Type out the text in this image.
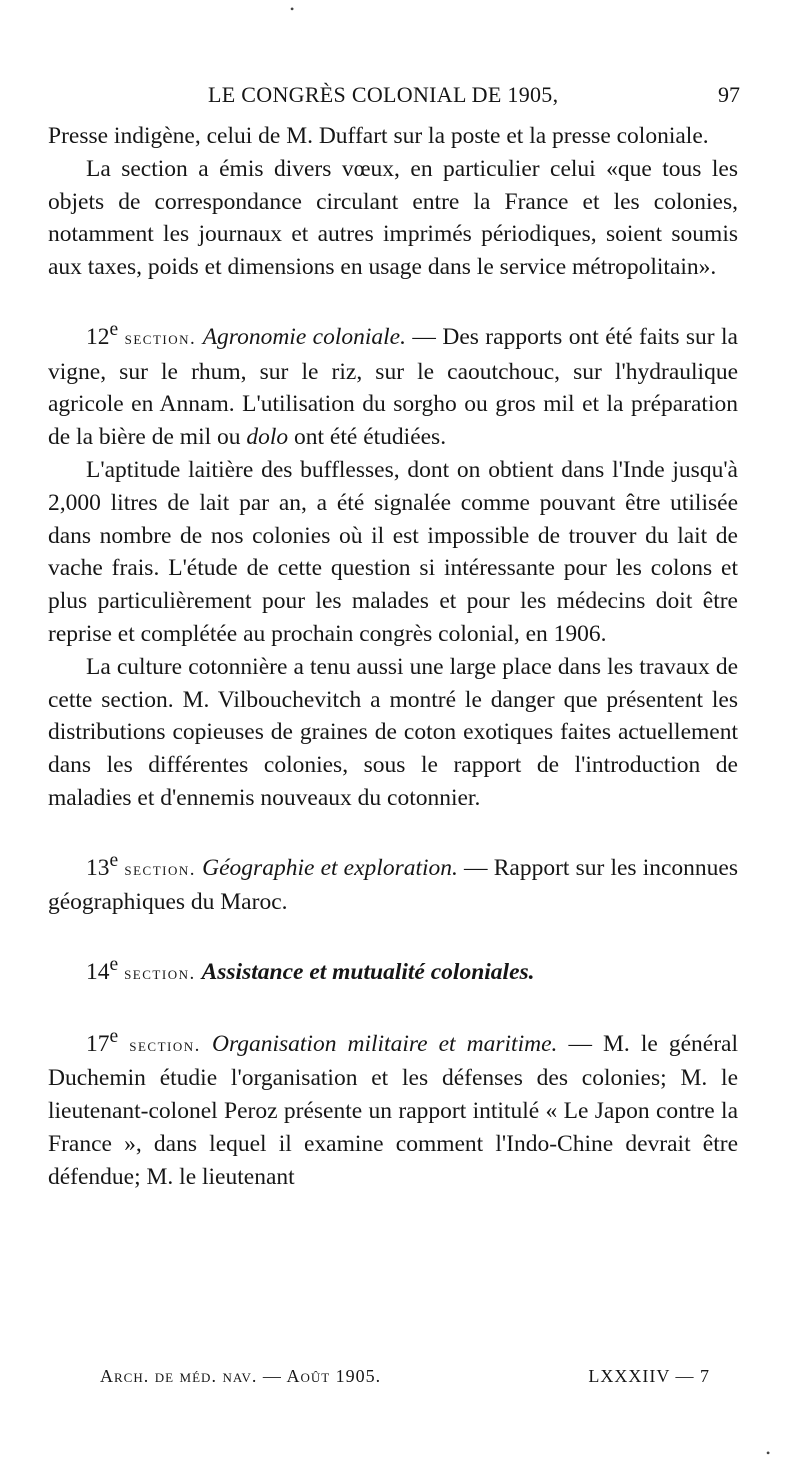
LE CONGRÈS COLONIAL DE 1905,	97

Presse indigène, celui de M. Duffart sur la poste et la presse coloniale.

La section a émis divers vœux, en particulier celui «que tous les objets de correspondance circulant entre la France et les colonies, notamment les journaux et autres imprimés périodiques, soient soumis aux taxes, poids et dimensions en usage dans le service métropolitain».

12e section. Agronomie coloniale. — Des rapports ont été faits sur la vigne, sur le rhum, sur le riz, sur le caoutchouc, sur l'hydraulique agricole en Annam. L'utilisation du sorgho ou gros mil et la préparation de la bière de mil ou dolo ont été étudiées.

L'aptitude laitière des bufflesses, dont on obtient dans l'Inde jusqu'à 2,000 litres de lait par an, a été signalée comme pouvant être utilisée dans nombre de nos colonies où il est impossible de trouver du lait de vache frais. L'étude de cette question si intéressante pour les colons et plus particulièrement pour les malades et pour les médecins doit être reprise et complétée au prochain congrès colonial, en 1906.

La culture cotonnière a tenu aussi une large place dans les travaux de cette section. M. Vilbouchevitch a montré le danger que présentent les distributions copieuses de graines de coton exotiques faites actuellement dans les différentes colonies, sous le rapport de l'introduction de maladies et d'ennemis nouveaux du cotonnier.

13e section. Géographie et exploration. — Rapport sur les inconnues géographiques du Maroc.

14e section. Assistance et mutualité coloniales.

17e section. Organisation militaire et maritime. — M. le général Duchemin étudie l'organisation et les défenses des colonies; M. le lieutenant-colonel Peroz présente un rapport intitulé « Le Japon contre la France », dans lequel il examine comment l'Indo-Chine devrait être défendue; M. le lieutenant

Arch. de méd. nav. — Août 1905.	LXXXIIV — 7
•
•
